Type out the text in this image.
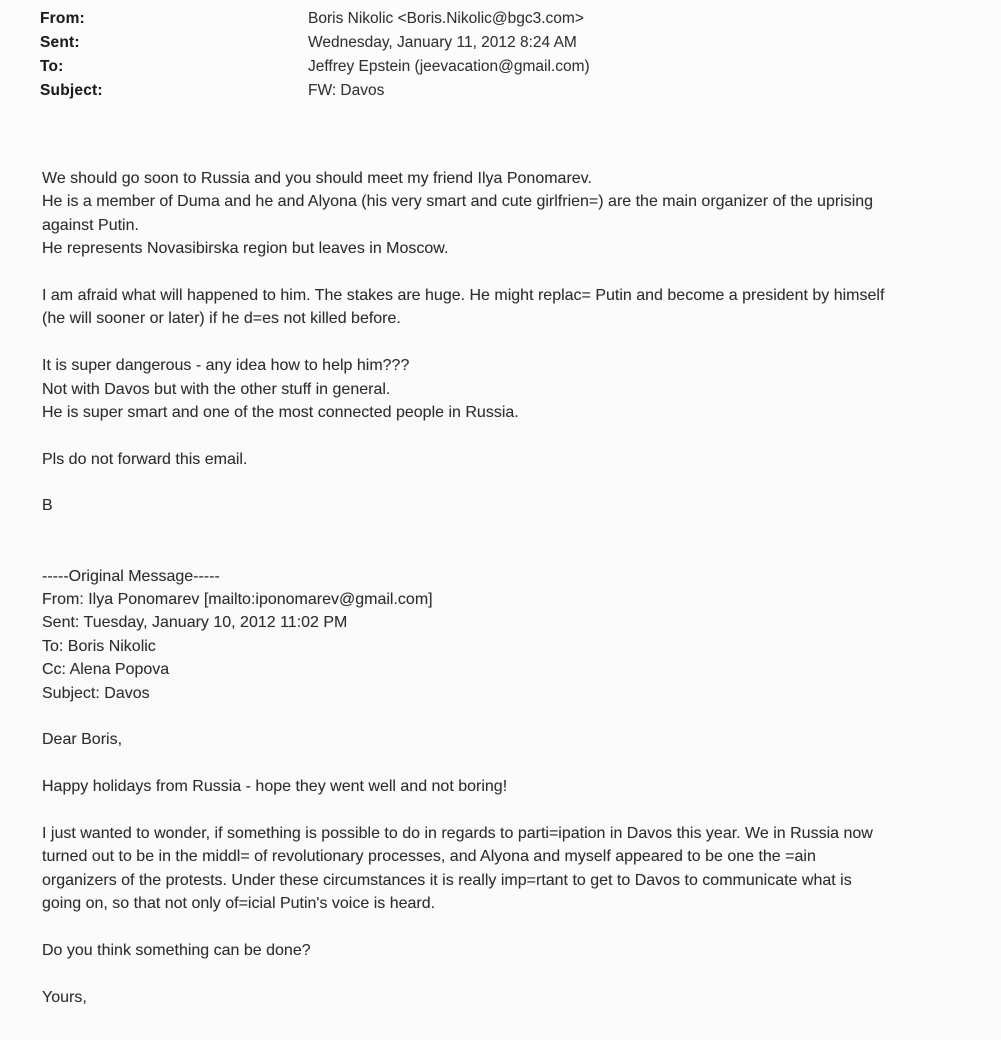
From:	Boris Nikolic <Boris.Nikolic@bgc3.com>
Sent:	Wednesday, January 11, 2012 8:24 AM
To:	Jeffrey Epstein (jeevacation@gmail.com)
Subject:	FW: Davos
We should go soon to Russia and you should meet my friend Ilya Ponomarev.
He is a member of Duma and he and Alyona (his very smart and cute girlfrien=) are the main organizer of the uprising
against Putin.
He represents Novasibirska region but leaves in Moscow.

I am afraid what will happened to him. The stakes are huge. He might replac= Putin and become a president by himself
(he will sooner or later) if he d=es not killed before.

It is super dangerous - any idea how to help him???
Not with Davos but with the other stuff in general.
He is super smart and one of the most connected people in Russia.

Pls do not forward this email.

B

-----Original Message-----
From: Ilya Ponomarev [mailto:iponomarev@gmail.com]
Sent: Tuesday, January 10, 2012 11:02 PM
To: Boris Nikolic
Cc: Alena Popova
Subject: Davos

Dear Boris,

Happy holidays from Russia - hope they went well and not boring!

I just wanted to wonder, if something is possible to do in regards to parti=ipation in Davos this year. We in Russia now
turned out to be in the middl= of revolutionary processes, and Alyona and myself appeared to be one the =ain
organizers of the protests. Under these circumstances it is really imp=rtant to get to Davos to communicate what is
going on, so that not only of=icial Putin's voice is heard.

Do you think something can be done?

Yours,
